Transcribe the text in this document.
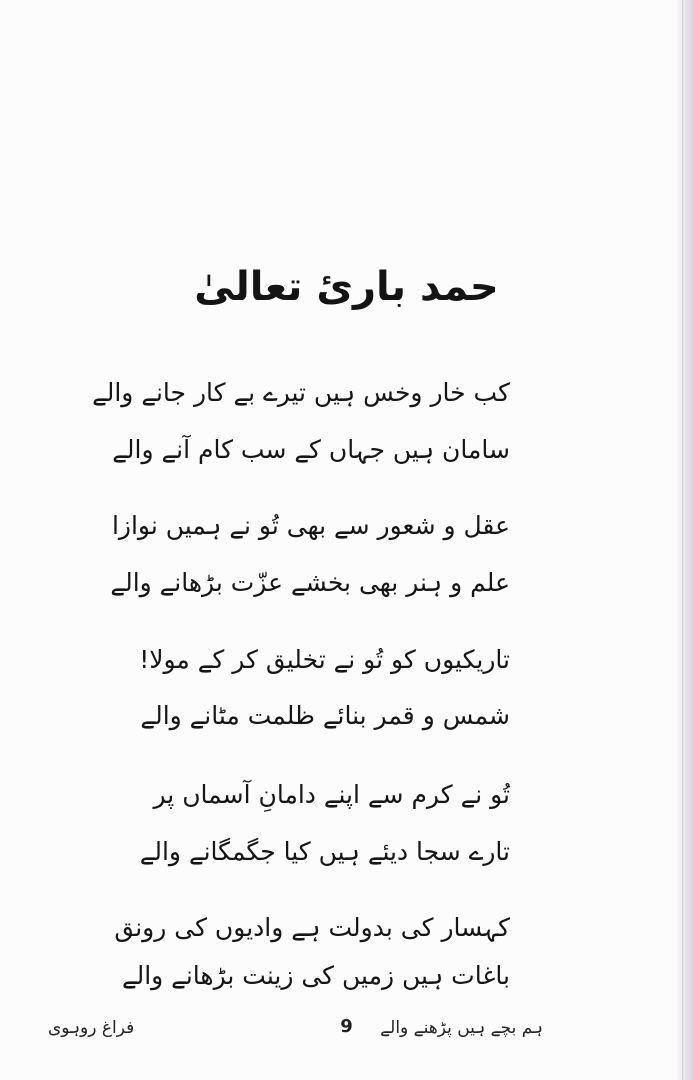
حمد باریٔ تعالیٰ
کب خار وخس ہیں تیرے بے کار جانے والے
سامان ہیں جہاں کے سب کام آنے والے
عقل و شعور سے بھی تُو نے ہمیں نوازا
علم و ہنر بھی بخشے عزّت بڑھانے والے
تاریکیوں کو تُو نے تخلیق کر کے مولا!
شمس و قمر بنائے ظلمت مٹانے والے
تُو نے کرم سے اپنے دامانِ آسماں پر
تارے سجا دیئے ہیں کیا جگمگانے والے
کہسار کی بدولت ہے وادیوں کی رونق
باغات ہیں زمیں کی زینت بڑھانے والے
ہم بچے ہیں پڑھنے والے
9
فراغ روہوی
